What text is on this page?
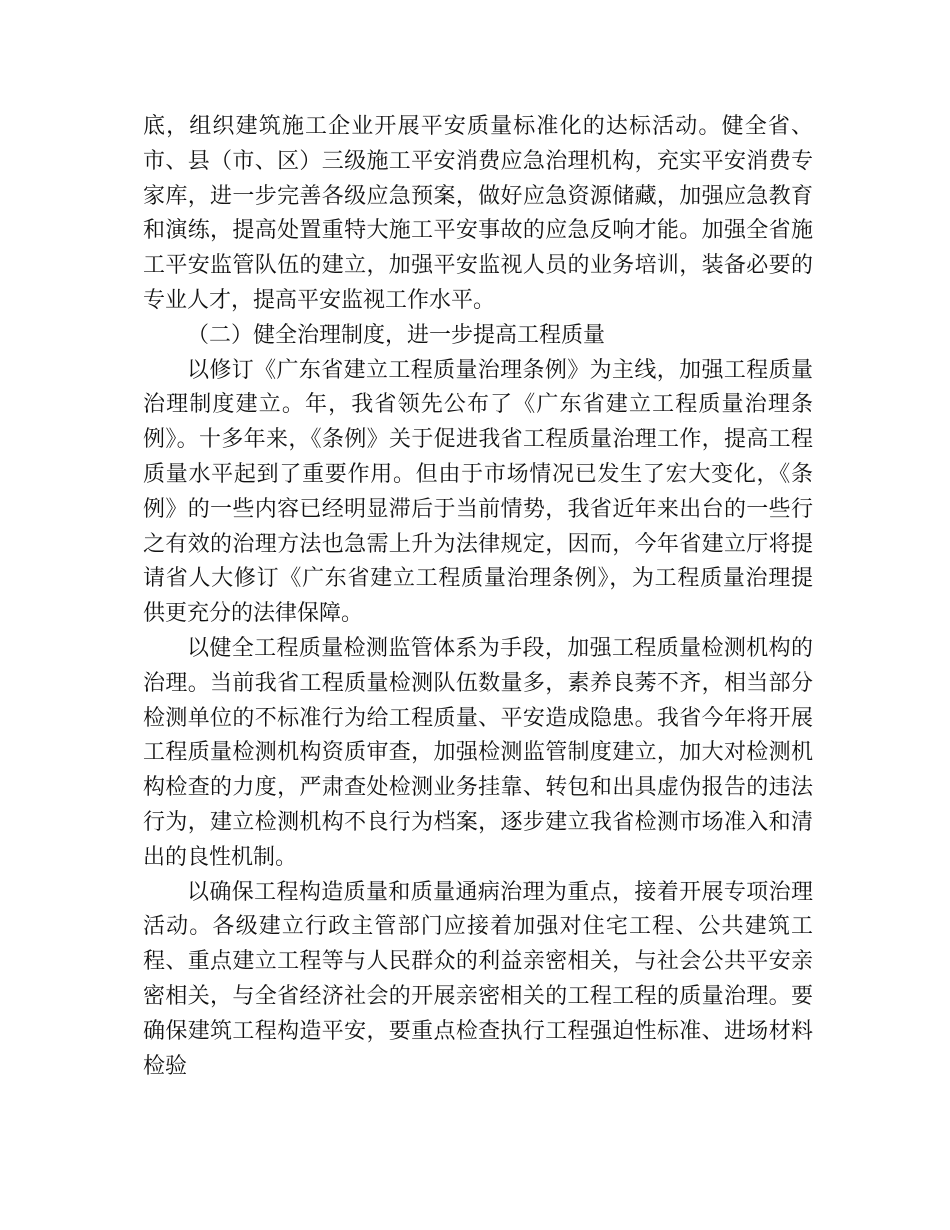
底，组织建筑施工企业开展平安质量标准化的达标活动。健全省、市、县（市、区）三级施工平安消费应急治理机构，充实平安消费专家库，进一步完善各级应急预案，做好应急资源储藏，加强应急教育和演练，提高处置重特大施工平安事故的应急反响才能。加强全省施工平安监管队伍的建立，加强平安监视人员的业务培训，装备必要的专业人才，提高平安监视工作水平。

（二）健全治理制度，进一步提高工程质量

以修订《广东省建立工程质量治理条例》为主线，加强工程质量治理制度建立。年，我省领先公布了《广东省建立工程质量治理条例》。十多年来，《条例》关于促进我省工程质量治理工作，提高工程质量水平起到了重要作用。但由于市场情况已发生了宏大变化，《条例》的一些内容已经明显滞后于当前情势，我省近年来出台的一些行之有效的治理方法也急需上升为法律规定，因而，今年省建立厅将提请省人大修订《广东省建立工程质量治理条例》，为工程质量治理提供更充分的法律保障。

以健全工程质量检测监管体系为手段，加强工程质量检测机构的治理。当前我省工程质量检测队伍数量多，素养良莠不齐，相当部分检测单位的不标准行为给工程质量、平安造成隐患。我省今年将开展工程质量检测机构资质审查，加强检测监管制度建立，加大对检测机构检查的力度，严肃查处检测业务挂靠、转包和出具虚伪报告的违法行为，建立检测机构不良行为档案，逐步建立我省检测市场准入和清出的良性机制。

以确保工程构造质量和质量通病治理为重点，接着开展专项治理活动。各级建立行政主管部门应接着加强对住宅工程、公共建筑工程、重点建立工程等与人民群众的利益亲密相关，与社会公共平安亲密相关，与全省经济社会的开展亲密相关的工程工程的质量治理。要确保建筑工程构造平安，要重点检查执行工程强迫性标准、进场材料检验
